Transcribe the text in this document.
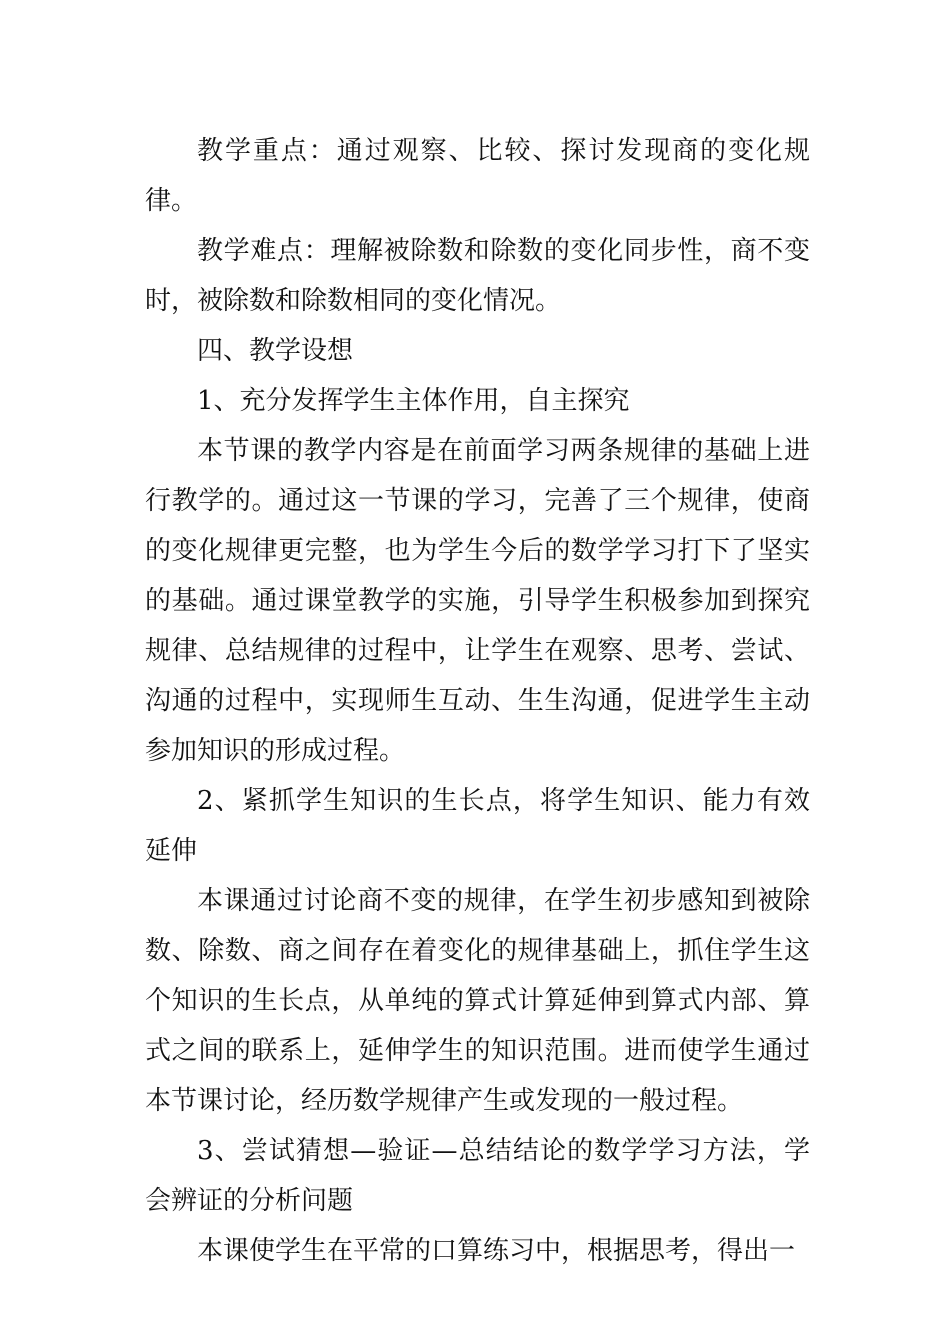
教学重点：通过观察、比较、探讨发现商的变化规律。

教学难点：理解被除数和除数的变化同步性，商不变时，被除数和除数相同的变化情况。

四、教学设想

1、充分发挥学生主体作用，自主探究

本节课的教学内容是在前面学习两条规律的基础上进行教学的。通过这一节课的学习，完善了三个规律，使商的变化规律更完整，也为学生今后的数学学习打下了坚实的基础。通过课堂教学的实施，引导学生积极参加到探究规律、总结规律的过程中，让学生在观察、思考、尝试、沟通的过程中，实现师生互动、生生沟通，促进学生主动参加知识的形成过程。

2、紧抓学生知识的生长点，将学生知识、能力有效延伸

本课通过讨论商不变的规律，在学生初步感知到被除数、除数、商之间存在着变化的规律基础上，抓住学生这个知识的生长点，从单纯的算式计算延伸到算式内部、算式之间的联系上，延伸学生的知识范围。进而使学生通过本节课讨论，经历数学规律产生或发现的一般过程。

3、尝试猜想—验证—总结结论的数学学习方法，学会辨证的分析问题

本课使学生在平常的口算练习中，根据思考，得出一
